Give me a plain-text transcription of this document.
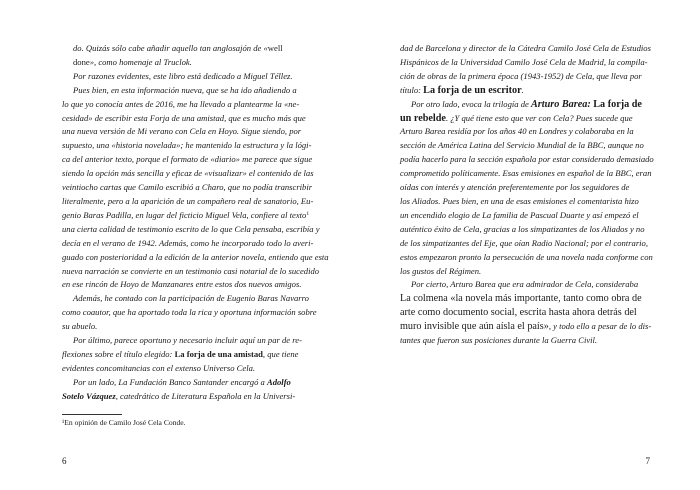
do. Quizás sólo cabe añadir aquello tan anglosajón de «well
done», como homenaje al Truclok.
Por razones evidentes, este libro está dedicado a Miguel Téllez.
Pues bien, en esta información nueva, que se ha ido añadiendo a
lo que yo conocía antes de 2016, me ha llevado a plantearme la «ne-
cesidad» de escribir esta Forja de una amistad, que es mucho más que
una nueva versión de Mi verano con Cela en Hoyo. Sigue siendo, por
supuesto, una «historia novelada»; he mantenido la estructura y la lógi-
ca del anterior texto, porque el formato de «diario» me parece que sigue
siendo la opción más sencilla y eficaz de «visualizar» el contenido de las
veintiocho cartas que Camilo escribió a Charo, que no podía transcribir
literalmente, pero a la aparición de un compañero real de sanatorio, Eu-
genio Baras Padilla, en lugar del ficticio Miguel Vela, confiere al texto$^1$
una cierta calidad de testimonio escrito de lo que Cela pensaba, escribía y
decía en el verano de 1942. Además, como he incorporado todo lo averi-
guado con posterioridad a la edición de la anterior novela, entiendo que esta
nueva narración se convierte en un testimonio casi notarial de lo sucedido
en ese rincón de Hoyo de Manzanares entre estos dos nuevos amigos.
Además, he contado con la participación de Eugenio Baras Navarro
como coautor, que ha aportado toda la rica y oportuna información sobre
su abuelo.
Por último, parece oportuno y necesario incluir aquí un par de re-
flexiones sobre el título elegido: La forja de una amistad, que tiene
evidentes concomitancias con el extenso Universo Cela.
Por un lado, La Fundación Banco Santander encargó a Adolfo
Sotelo Vázquez, catedrático de Literatura Española en la Universi-
¹En opinión de Camilo José Cela Conde.
6
dad de Barcelona y director de la Cátedra Camilo José Cela de Estudios
Hispánicos de la Universidad Camilo José Cela de Madrid, la compila-
ción de obras de la primera época (1943-1952) de Cela, que lleva por
título: La forja de un escritor.
Por otro lado, evoca la trilogía de Arturo Barea: La forja de
un rebelde. ¿Y qué tiene esto que ver con Cela? Pues sucede que
Arturo Barea residía por los años 40 en Londres y colaboraba en la
sección de América Latina del Servicio Mundial de la BBC, aunque no
podía hacerlo para la sección española por estar considerado demasiado
comprometido políticamente. Esas emisiones en español de la BBC, eran
oídas con interés y atención preferentemente por los seguidores de
los Aliados. Pues bien, en una de esas emisiones el comentarista hizo
un encendido elogio de La familia de Pascual Duarte y así empezó el
auténtico éxito de Cela, gracias a los simpatizantes de los Aliados y no
de los simpatizantes del Eje, que oían Radio Nacional; por el contrario,
estos empezaron pronto la persecución de una novela nada conforme con
los gustos del Régimen.
Por cierto, Arturo Barea que era admirador de Cela, consideraba
La colmena «la novela más importante, tanto como obra de
arte como documento social, escrita hasta ahora detrás del
muro invisible que aún aísla el país», y todo ello a pesar de lo dis-
tantes que fueron sus posiciones durante la Guerra Civil.
7
